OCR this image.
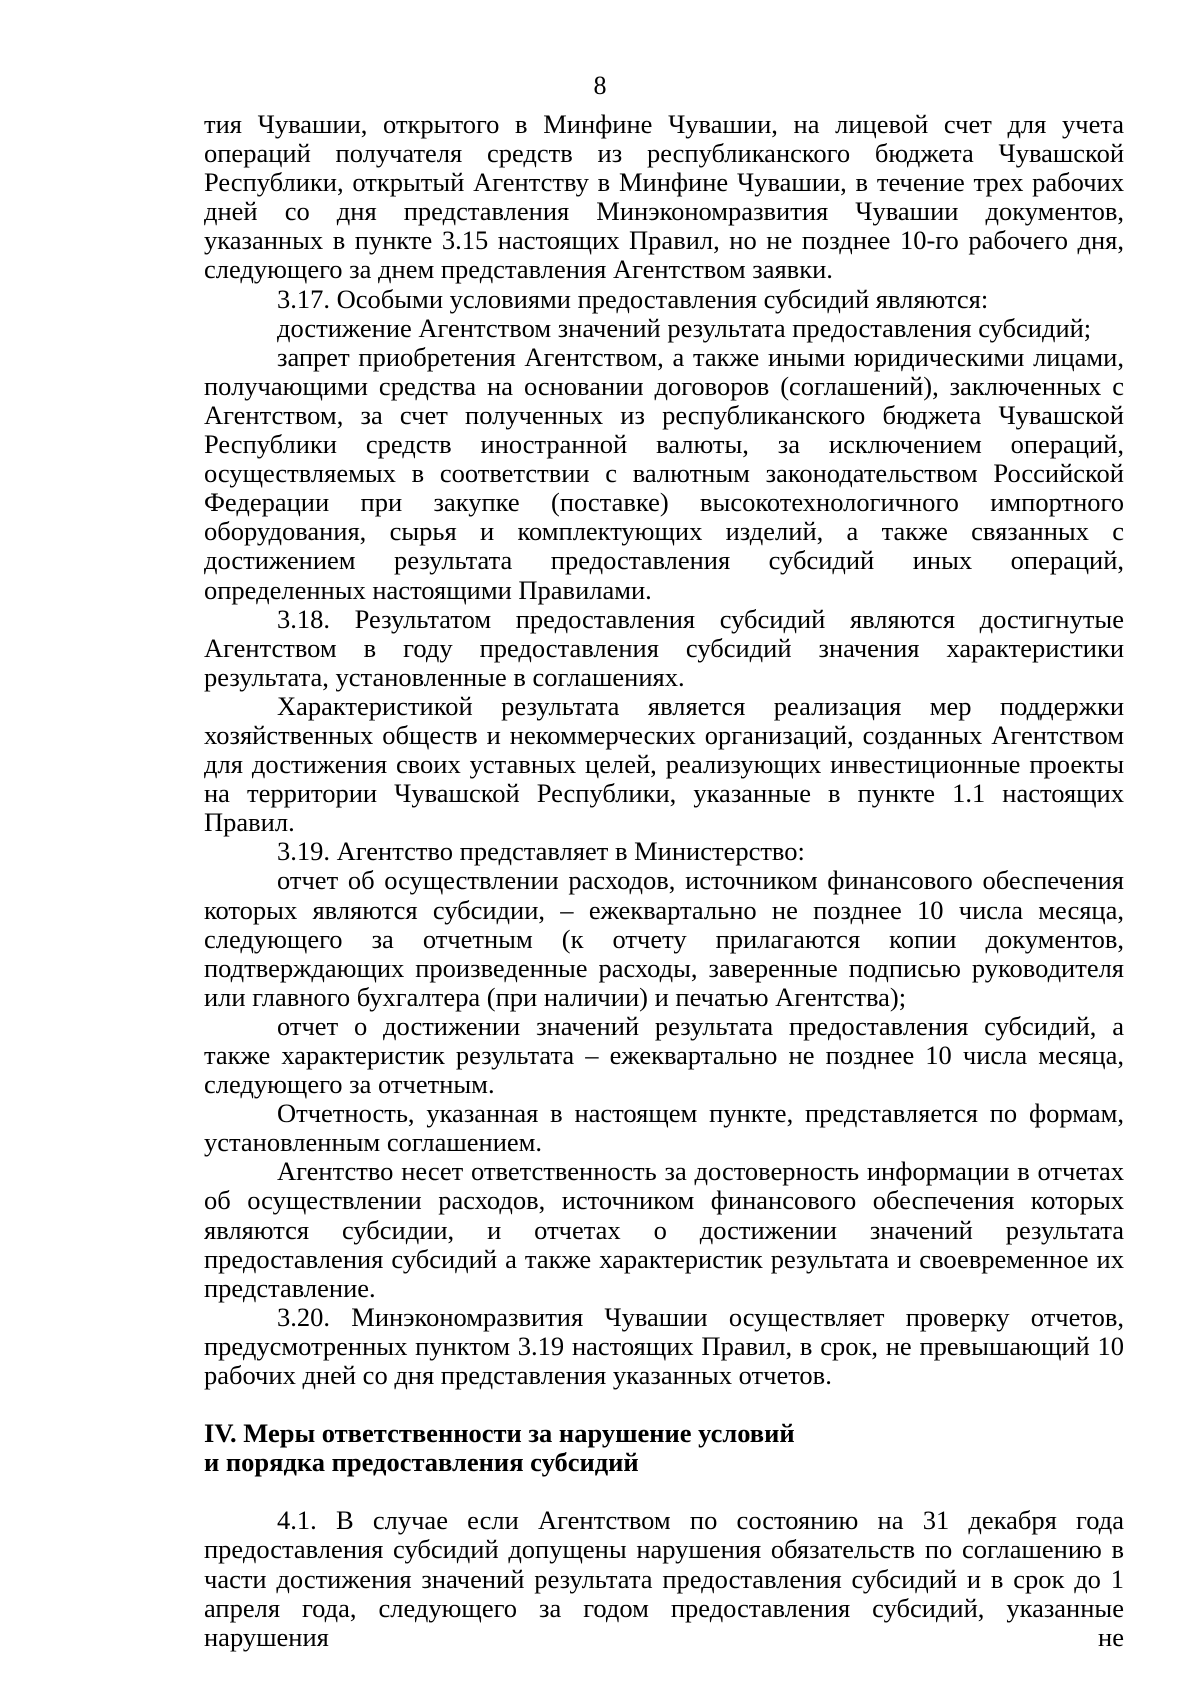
8

тия Чувашии, открытого в Минфине Чувашии, на лицевой счет для учета операций получателя средств из республиканского бюджета Чувашской Республики, открытый Агентству в Минфине Чувашии, в течение трех рабочих дней со дня представления Минэкономразвития Чувашии документов, указанных в пункте 3.15 настоящих Правил, но не позднее 10-го рабочего дня, следующего за днем представления Агентством заявки.

3.17. Особыми условиями предоставления субсидий являются:

достижение Агентством значений результата предоставления субсидий;

запрет приобретения Агентством, а также иными юридическими лицами, получающими средства на основании договоров (соглашений), заключенных с Агентством, за счет полученных из республиканского бюджета Чувашской Республики средств иностранной валюты, за исключением операций, осуществляемых в соответствии с валютным законодательством Российской Федерации при закупке (поставке) высокотехнологичного импортного оборудования, сырья и комплектующих изделий, а также связанных с достижением результата предоставления субсидий иных операций, определенных настоящими Правилами.

3.18. Результатом предоставления субсидий являются достигнутые Агентством в году предоставления субсидий значения характеристики результата, установленные в соглашениях.

Характеристикой результата является реализация мер поддержки хозяйственных обществ и некоммерческих организаций, созданных Агентством для достижения своих уставных целей, реализующих инвестиционные проекты на территории Чувашской Республики, указанные в пункте 1.1 настоящих Правил.

3.19. Агентство представляет в Министерство:

отчет об осуществлении расходов, источником финансового обеспечения которых являются субсидии, – ежеквартально не позднее 10 числа месяца, следующего за отчетным (к отчету прилагаются копии документов, подтверждающих произведенные расходы, заверенные подписью руководителя или главного бухгалтера (при наличии) и печатью Агентства);

отчет о достижении значений результата предоставления субсидий, а также характеристик результата – ежеквартально не позднее 10 числа месяца, следующего за отчетным.

Отчетность, указанная в настоящем пункте, представляется по формам, установленным соглашением.

Агентство несет ответственность за достоверность информации в отчетах об осуществлении расходов, источником финансового обеспечения которых являются субсидии, и отчетах о достижении значений результата предоставления субсидий а также характеристик результата и своевременное их представление.

3.20. Минэкономразвития Чувашии осуществляет проверку отчетов, предусмотренных пунктом 3.19 настоящих Правил, в срок, не превышающий 10 рабочих дней со дня представления указанных отчетов.

IV. Меры ответственности за нарушение условий
и порядка предоставления субсидий

4.1. В случае если Агентством по состоянию на 31 декабря года предоставления субсидий допущены нарушения обязательств по соглашению в части достижения значений результата предоставления субсидий и в срок до 1 апреля года, следующего за годом предоставления субсидий, указанные нарушения не
